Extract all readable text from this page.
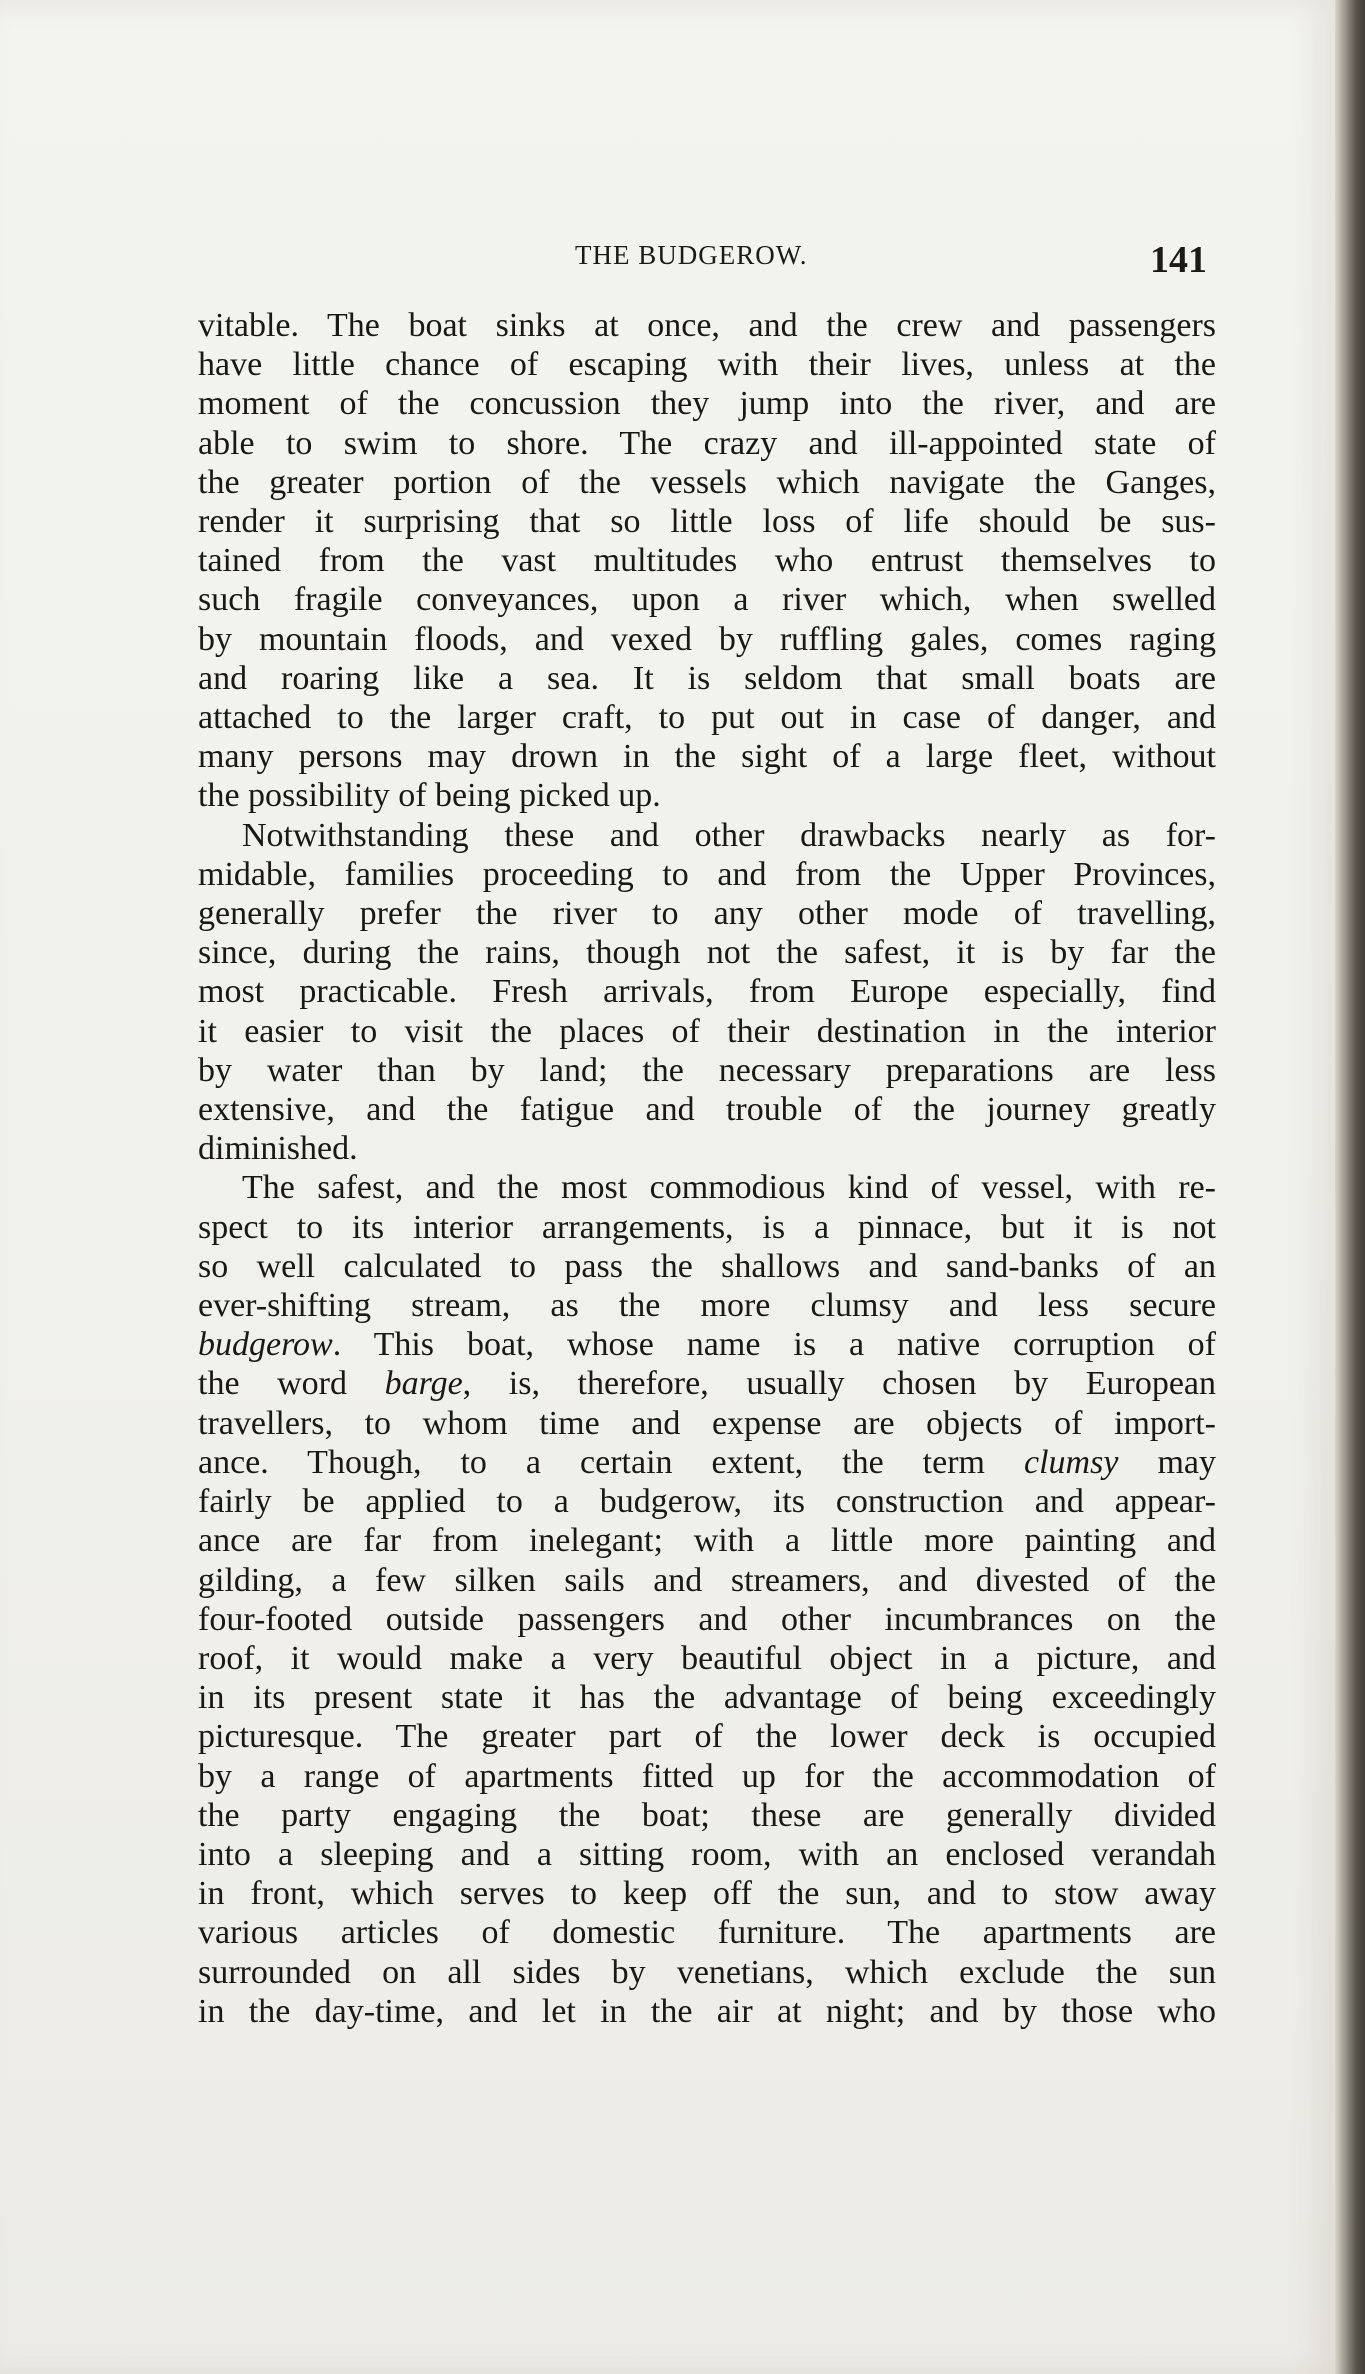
THE BUDGEROW.	141

vitable. The boat sinks at once, and the crew and passengers
have little chance of escaping with their lives, unless at the
moment of the concussion they jump into the river, and are
able to swim to shore. The crazy and ill-appointed state of
the greater portion of the vessels which navigate the Ganges,
render it surprising that so little loss of life should be sus-
tained from the vast multitudes who entrust themselves to
such fragile conveyances, upon a river which, when swelled
by mountain floods, and vexed by ruffling gales, comes raging
and roaring like a sea. It is seldom that small boats are
attached to the larger craft, to put out in case of danger, and
many persons may drown in the sight of a large fleet, without
the possibility of being picked up.

Notwithstanding these and other drawbacks nearly as for-
midable, families proceeding to and from the Upper Provinces,
generally prefer the river to any other mode of travelling,
since, during the rains, though not the safest, it is by far the
most practicable. Fresh arrivals, from Europe especially, find
it easier to visit the places of their destination in the interior
by water than by land; the necessary preparations are less
extensive, and the fatigue and trouble of the journey greatly
diminished.

The safest, and the most commodious kind of vessel, with re-
spect to its interior arrangements, is a pinnace, but it is not
so well calculated to pass the shallows and sand-banks of an
ever-shifting stream, as the more clumsy and less secure
budgerow. This boat, whose name is a native corruption of
the word barge, is, therefore, usually chosen by European
travellers, to whom time and expense are objects of import-
ance. Though, to a certain extent, the term clumsy may
fairly be applied to a budgerow, its construction and appear-
ance are far from inelegant; with a little more painting and
gilding, a few silken sails and streamers, and divested of the
four-footed outside passengers and other incumbrances on the
roof, it would make a very beautiful object in a picture, and
in its present state it has the advantage of being exceedingly
picturesque. The greater part of the lower deck is occupied
by a range of apartments fitted up for the accommodation of
the party engaging the boat; these are generally divided
into a sleeping and a sitting room, with an enclosed verandah
in front, which serves to keep off the sun, and to stow away
various articles of domestic furniture. The apartments are
surrounded on all sides by venetians, which exclude the sun
in the day-time, and let in the air at night; and by those who
